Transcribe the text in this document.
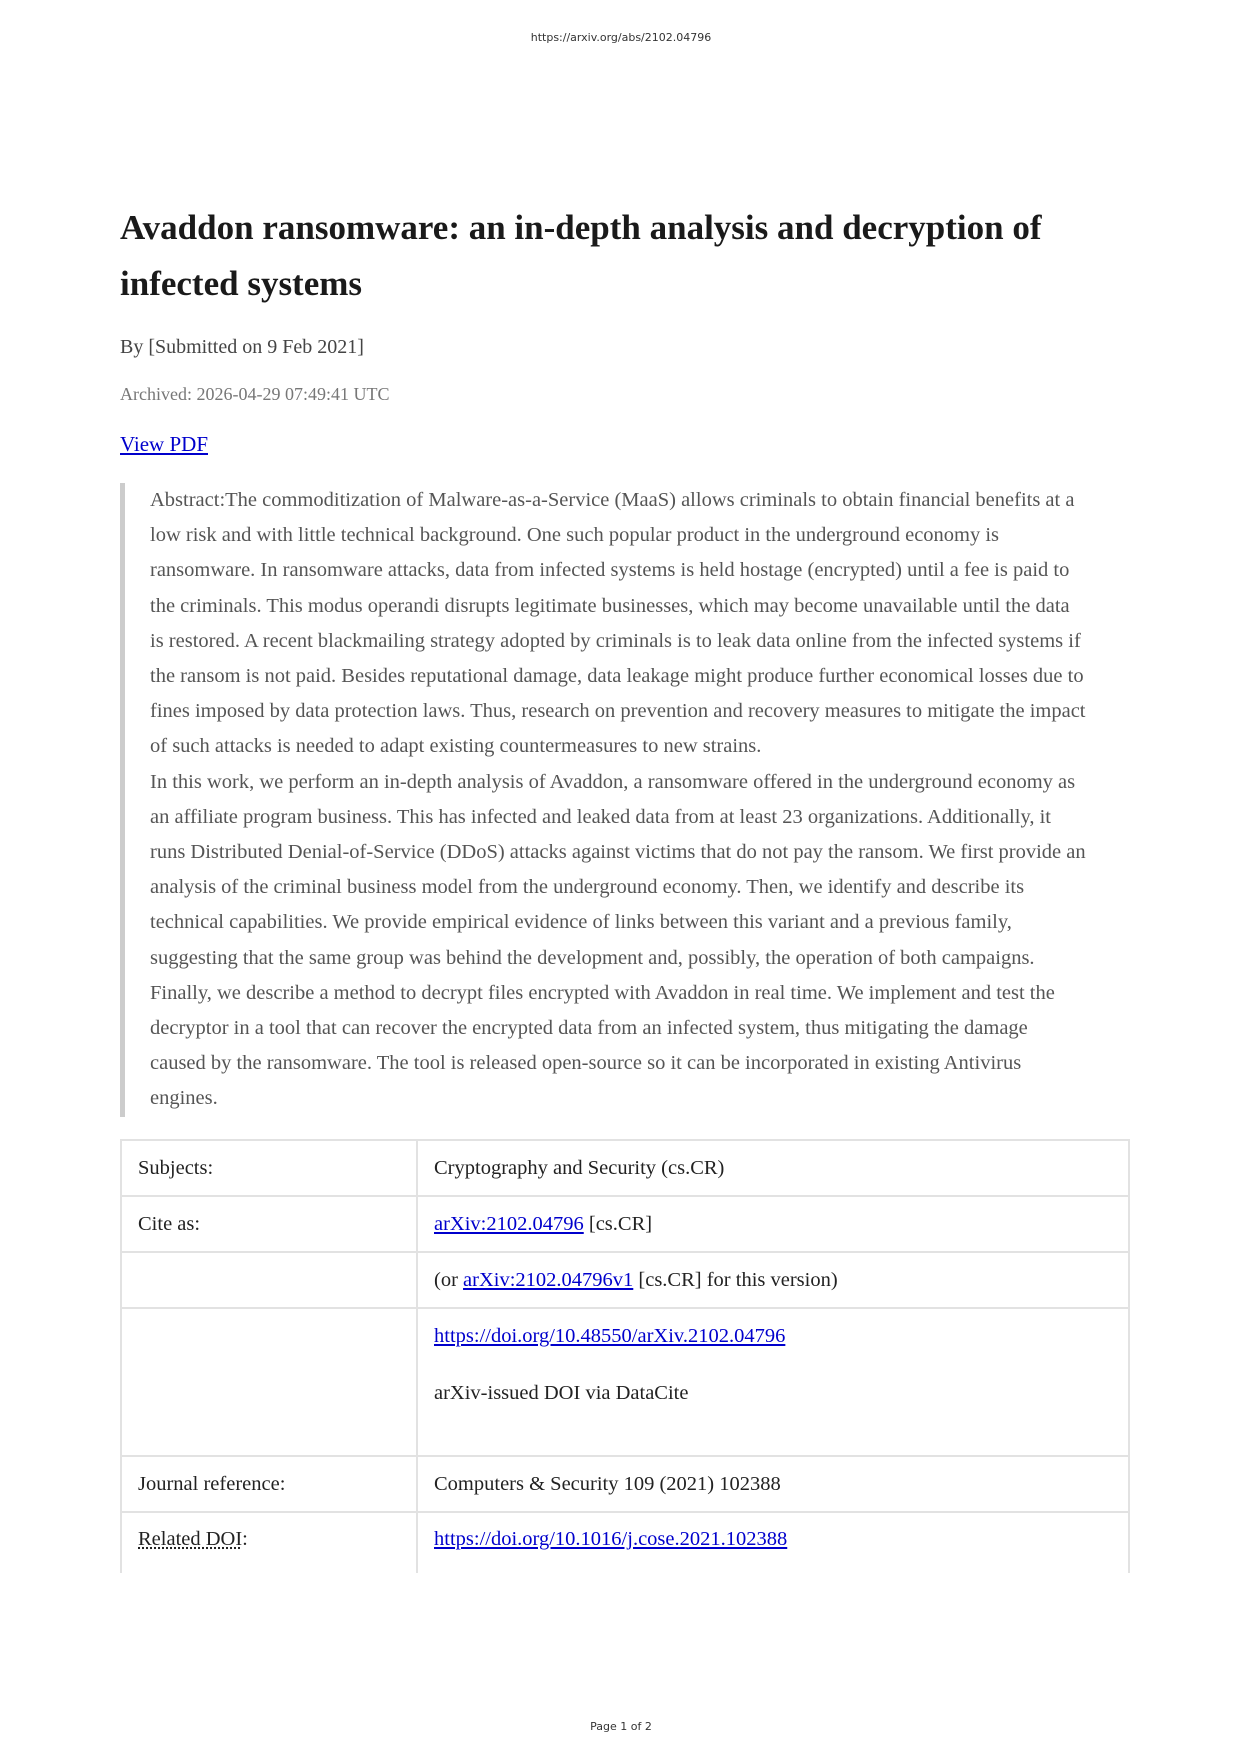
https://arxiv.org/abs/2102.04796
Avaddon ransomware: an in-depth analysis and decryption of infected systems
By [Submitted on 9 Feb 2021]
Archived: 2026-04-29 07:49:41 UTC
View PDF

Abstract:The commoditization of Malware-as-a-Service (MaaS) allows criminals to obtain financial benefits at a low risk and with little technical background. One such popular product in the underground economy is ransomware. In ransomware attacks, data from infected systems is held hostage (encrypted) until a fee is paid to the criminals. This modus operandi disrupts legitimate businesses, which may become unavailable until the data is restored. A recent blackmailing strategy adopted by criminals is to leak data online from the infected systems if the ransom is not paid. Besides reputational damage, data leakage might produce further economical losses due to fines imposed by data protection laws. Thus, research on prevention and recovery measures to mitigate the impact of such attacks is needed to adapt existing countermeasures to new strains.

In this work, we perform an in-depth analysis of Avaddon, a ransomware offered in the underground economy as an affiliate program business. This has infected and leaked data from at least 23 organizations. Additionally, it runs Distributed Denial-of-Service (DDoS) attacks against victims that do not pay the ransom. We first provide an analysis of the criminal business model from the underground economy. Then, we identify and describe its technical capabilities. We provide empirical evidence of links between this variant and a previous family, suggesting that the same group was behind the development and, possibly, the operation of both campaigns.

Finally, we describe a method to decrypt files encrypted with Avaddon in real time. We implement and test the decryptor in a tool that can recover the encrypted data from an infected system, thus mitigating the damage caused by the ransomware. The tool is released open-source so it can be incorporated in existing Antivirus engines.

Subjects:	Cryptography and Security (cs.CR)
Cite as:	arXiv:2102.04796 [cs.CR]
	(or arXiv:2102.04796v1 [cs.CR] for this version)

	https://doi.org/10.48550/arXiv.2102.04796
arXiv-issued DOI via DataCite

Journal reference:	Computers & Security 109 (2021) 102388
Related DOI:	https://doi.org/10.1016/j.cose.2021.102388
Page 1 of 2
